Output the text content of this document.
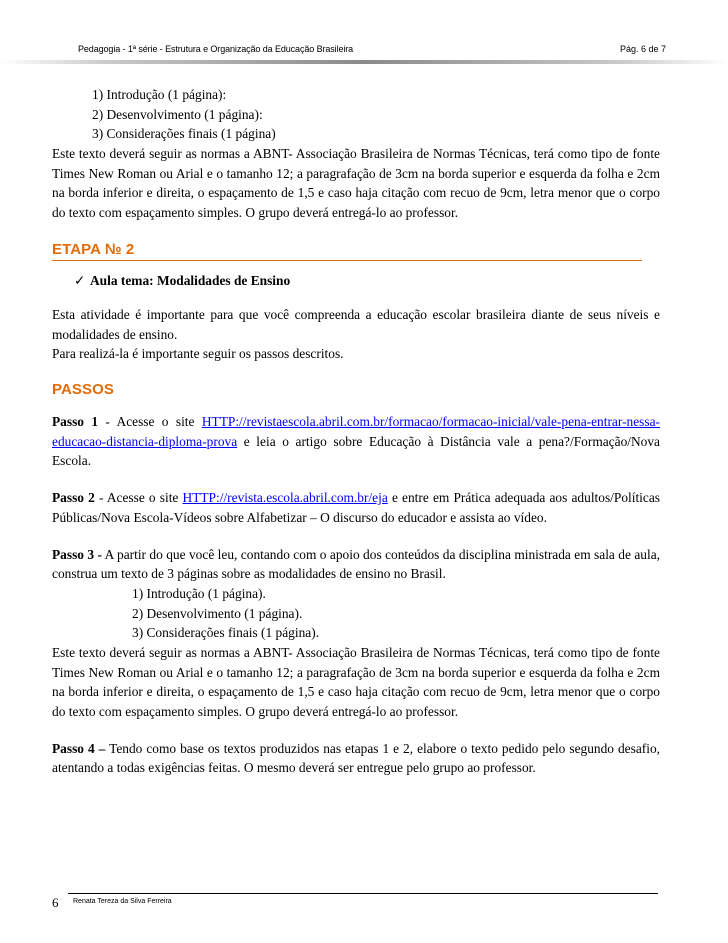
Pedagogia - 1ª série - Estrutura e Organização da Educação Brasileira	Pág. 6 de 7
1) Introdução (1 página):
2) Desenvolvimento (1 página):
3) Considerações finais (1 página)

Este texto deverá seguir as normas a ABNT- Associação Brasileira de Normas Técnicas, terá como tipo de fonte Times New Roman ou Arial e o tamanho 12; a paragrafação de 3cm na borda superior e esquerda da folha e 2cm na borda inferior e direita, o espaçamento de 1,5 e caso haja citação com recuo de 9cm, letra menor que o corpo do texto com espaçamento simples. O grupo deverá entregá-lo ao professor.

ETAPA № 2
✓ Aula tema: Modalidades de Ensino

Esta atividade é importante para que você compreenda a educação escolar brasileira diante de seus níveis e modalidades de ensino.

Para realizá-la é importante seguir os passos descritos.

PASSOS

Passo 1 - Acesse o site HTTP://revistaescola.abril.com.br/formacao/formacao-inicial/vale-pena-entrar-nessa-educacao-distancia-diploma-prova e leia o artigo sobre Educação à Distância vale a pena?/Formação/Nova Escola.

Passo 2 - Acesse o site HTTP://revista.escola.abril.com.br/eja e entre em Prática adequada aos adultos/Políticas Públicas/Nova Escola-Vídeos sobre Alfabetizar – O discurso do educador e assista ao vídeo.

Passo 3 - A partir do que você leu, contando com o apoio dos conteúdos da disciplina ministrada em sala de aula, construa um texto de 3 páginas sobre as modalidades de ensino no Brasil.

1) Introdução (1 página).
2) Desenvolvimento (1 página).
3) Considerações finais (1 página).

Este texto deverá seguir as normas a ABNT- Associação Brasileira de Normas Técnicas, terá como tipo de fonte Times New Roman ou Arial e o tamanho 12; a paragrafação de 3cm na borda superior e esquerda da folha e 2cm na borda inferior e direita, o espaçamento de 1,5 e caso haja citação com recuo de 9cm, letra menor que o corpo do texto com espaçamento simples. O grupo deverá entregá-lo ao professor.

Passo 4 – Tendo como base os textos produzidos nas etapas 1 e 2, elabore o texto pedido pelo segundo desafio, atentando a todas exigências feitas. O mesmo deverá ser entregue pelo grupo ao professor.

6 Renata Tereza da Silva Ferreira
